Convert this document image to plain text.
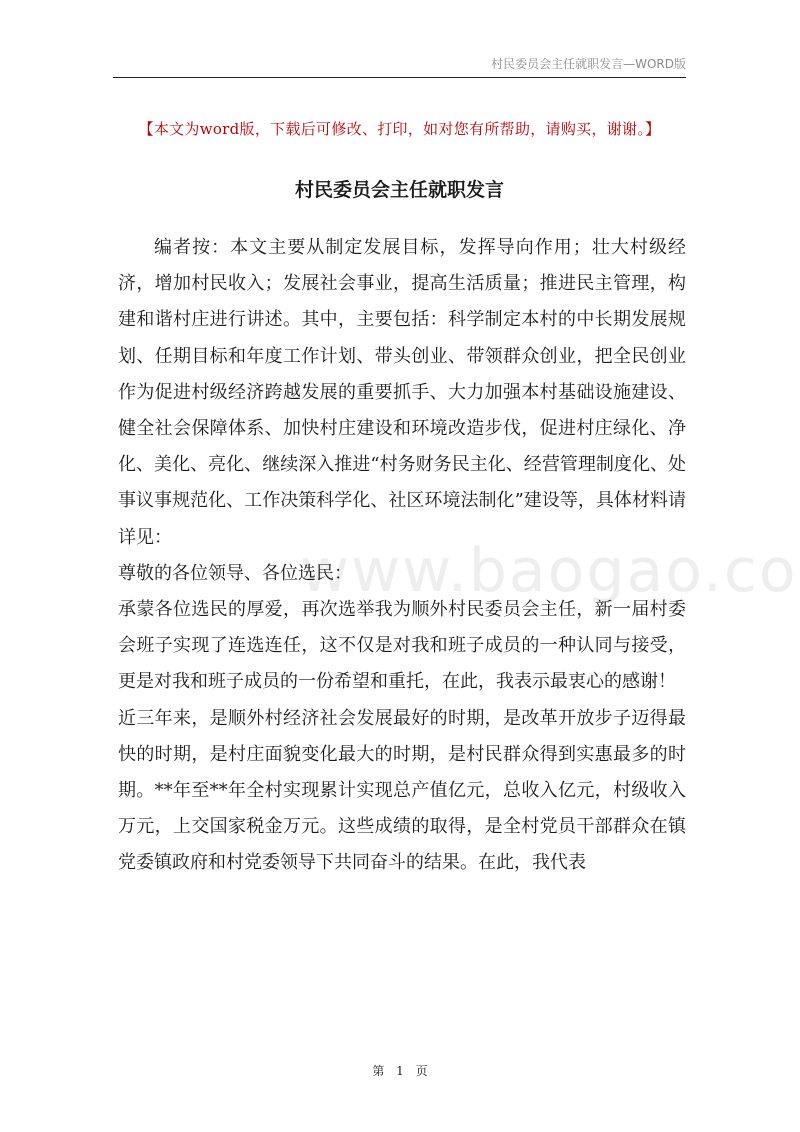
村民委员会主任就职发言—WORD版
【本文为word版，下载后可修改、打印，如对您有所帮助，请购买，谢谢。】
村民委员会主任就职发言
www.baogao.co

编者按：本文主要从制定发展目标，发挥导向作用；壮大村级经济，增加村民收入；发展社会事业，提高生活质量；推进民主管理，构建和谐村庄进行讲述。其中，主要包括：科学制定本村的中长期发展规划、任期目标和年度工作计划、带头创业、带领群众创业，把全民创业作为促进村级经济跨越发展的重要抓手、大力加强本村基础设施建设、健全社会保障体系、加快村庄建设和环境改造步伐，促进村庄绿化、净化、美化、亮化、继续深入推进“村务财务民主化、经营管理制度化、处事议事规范化、工作决策科学化、社区环境法制化”建设等，具体材料请详见：

尊敬的各位领导、各位选民：

承蒙各位选民的厚爱，再次选举我为顺外村民委员会主任，新一届村委会班子实现了连选连任，这不仅是对我和班子成员的一种认同与接受，更是对我和班子成员的一份希望和重托，在此，我表示最衷心的感谢！

近三年来，是顺外村经济社会发展最好的时期，是改革开放步子迈得最快的时期，是村庄面貌变化最大的时期，是村民群众得到实惠最多的时期。**年至**年全村实现累计实现总产值亿元，总收入亿元，村级收入万元，上交国家税金万元。这些成绩的取得，是全村党员干部群众在镇党委镇政府和村党委领导下共同奋斗的结果。在此，我代表

第 1 页
